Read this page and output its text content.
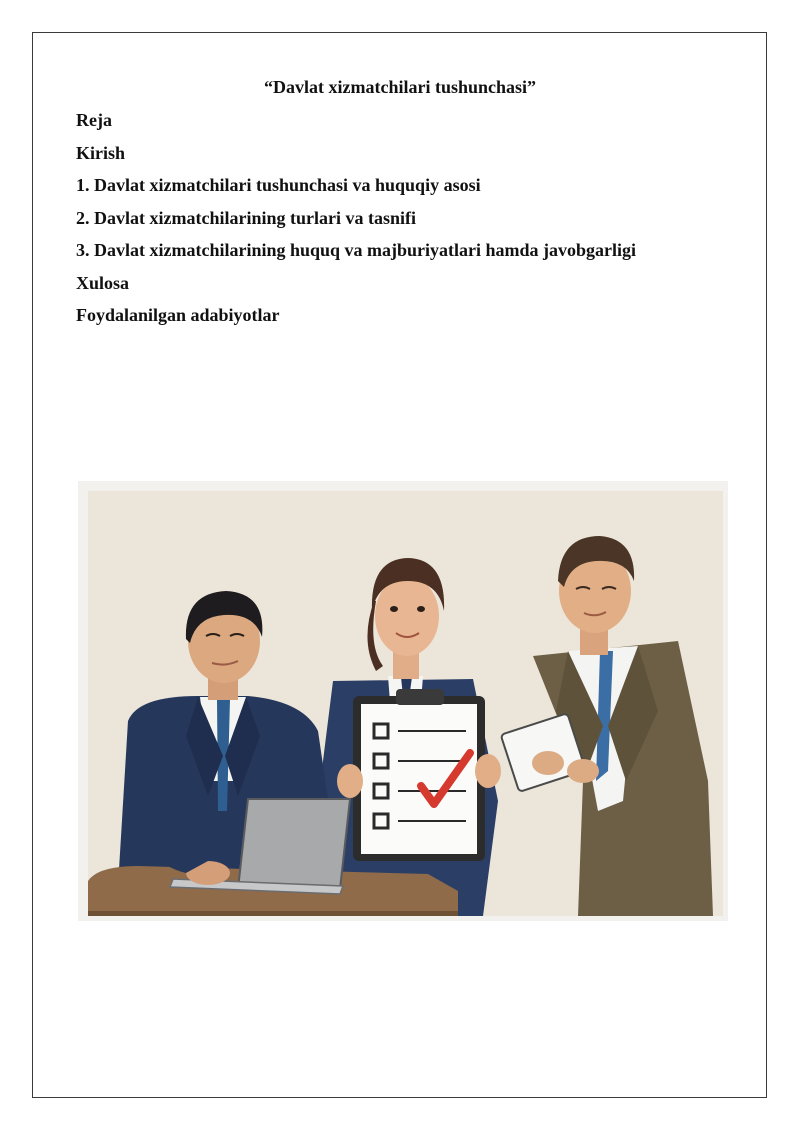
“Davlat xizmatchilari tushunchasi”
Reja
Kirish
1. Davlat xizmatchilari tushunchasi va huquqiy asosi
2. Davlat xizmatchilarining turlari va tasnifi
3. Davlat xizmatchilarining huquq va majburiyatlari hamda javobgarligi
Xulosa
Foydalanilgan adabiyotlar
